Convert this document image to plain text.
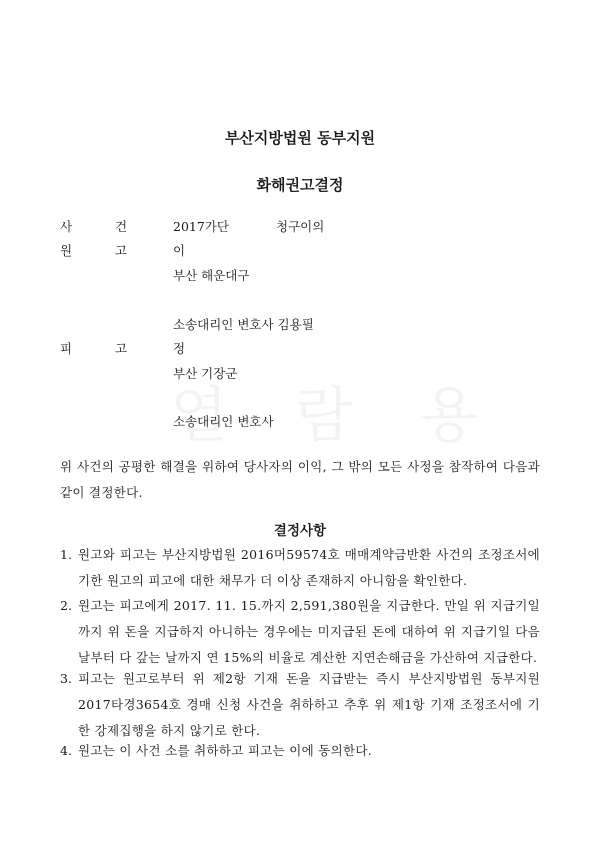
부산지방법원 동부지원
화해권고결정
사	건	2017가단	청구이의
원	고	이
부산 해운대구
소송대리인 변호사 김용필
피	고	정
부산 기장군
소송대리인 변호사
위 사건의 공평한 해결을 위하여 당사자의 이익, 그 밖의 모든 사정을 참작하여 다음과 같이 결정한다.
결정사항
1. 원고와 피고는 부산지방법원 2016머59574호 매매계약금반환 사건의 조정조서에 기한 원고의 피고에 대한 채무가 더 이상 존재하지 아니함을 확인한다.
2. 원고는 피고에게 2017. 11. 15.까지 2,591,380원을 지급한다. 만일 위 지급기일까지 위 돈을 지급하지 아니하는 경우에는 미지급된 돈에 대하여 위 지급기일 다음날부터 다 갚는 날까지 연 15%의 비율로 계산한 지연손해금을 가산하여 지급한다.
3. 피고는 원고로부터 위 제2항 기재 돈을 지급받는 즉시 부산지방법원 동부지원 2017타경3654호 경매 신청 사건을 취하하고 추후 위 제1항 기재 조정조서에 기한 강제집행을 하지 않기로 한다.
4. 원고는 이 사건 소를 취하하고 피고는 이에 동의한다.
